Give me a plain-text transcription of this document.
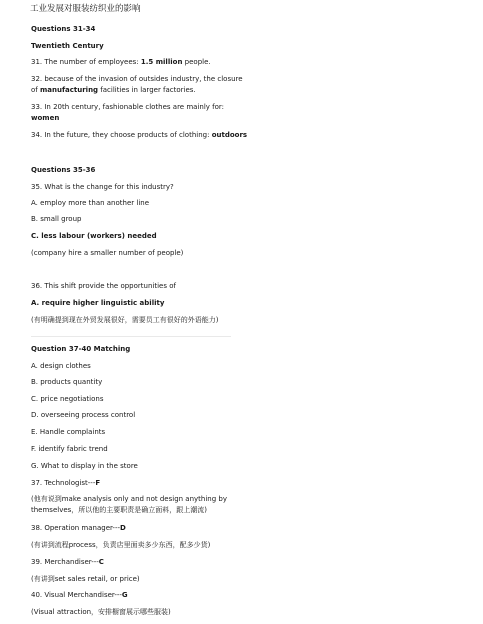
工业发展对服装纺织业的影响
Questions 31-34
Twentieth Century
31. The number of employees: 1.5 million people.
32. because of the invasion of outsides industry, the closure
of manufacturing facilities in larger factories.
33. In 20th century, fashionable clothes are mainly for:
women
34. In the future, they choose products of clothing: outdoors
Questions 35-36
35. What is the change for this industry?
A. employ more than another line
B. small group
C. less labour (workers) needed
(company hire a smaller number of people)
36. This shift provide the opportunities of
A. require higher linguistic ability
(有明确提到现在外贸发展很好，需要员工有很好的外语能力)
Question 37-40 Matching
A. design clothes
B. products quantity
C. price negotiations
D. overseeing process control
E. Handle complaints
F. identify fabric trend
G. What to display in the store
37. Technologist---F
(他有说到make analysis only and not design anything by
themselves，所以他的主要职责是确立面料，跟上潮流)
38. Operation manager---D
(有讲到流程process，负责店里面卖多少东西，配多少货)
39. Merchandiser---C
(有讲到set sales retail, or price)
40. Visual Merchandiser---G
(Visual attraction，安排橱窗展示哪些服装)
